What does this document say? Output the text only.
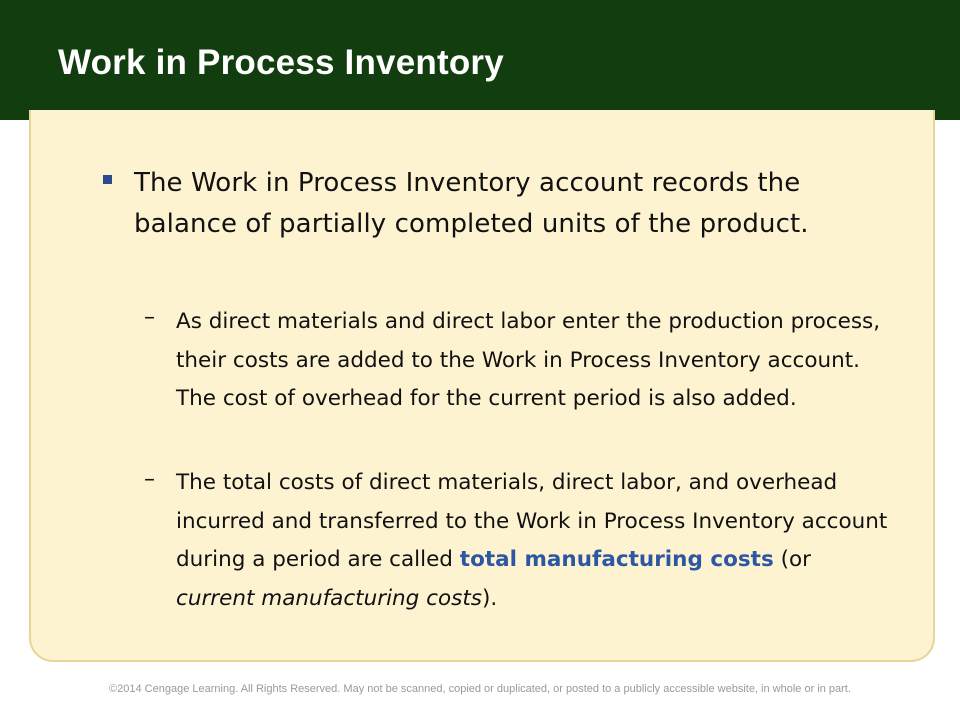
Work in Process Inventory
The Work in Process Inventory account records the balance of partially completed units of the product.
– As direct materials and direct labor enter the production process, their costs are added to the Work in Process Inventory account. The cost of overhead for the current period is also added.
– The total costs of direct materials, direct labor, and overhead incurred and transferred to the Work in Process Inventory account during a period are called total manufacturing costs (or current manufacturing costs).
©2014 Cengage Learning. All Rights Reserved. May not be scanned, copied or duplicated, or posted to a publicly accessible website, in whole or in part.
